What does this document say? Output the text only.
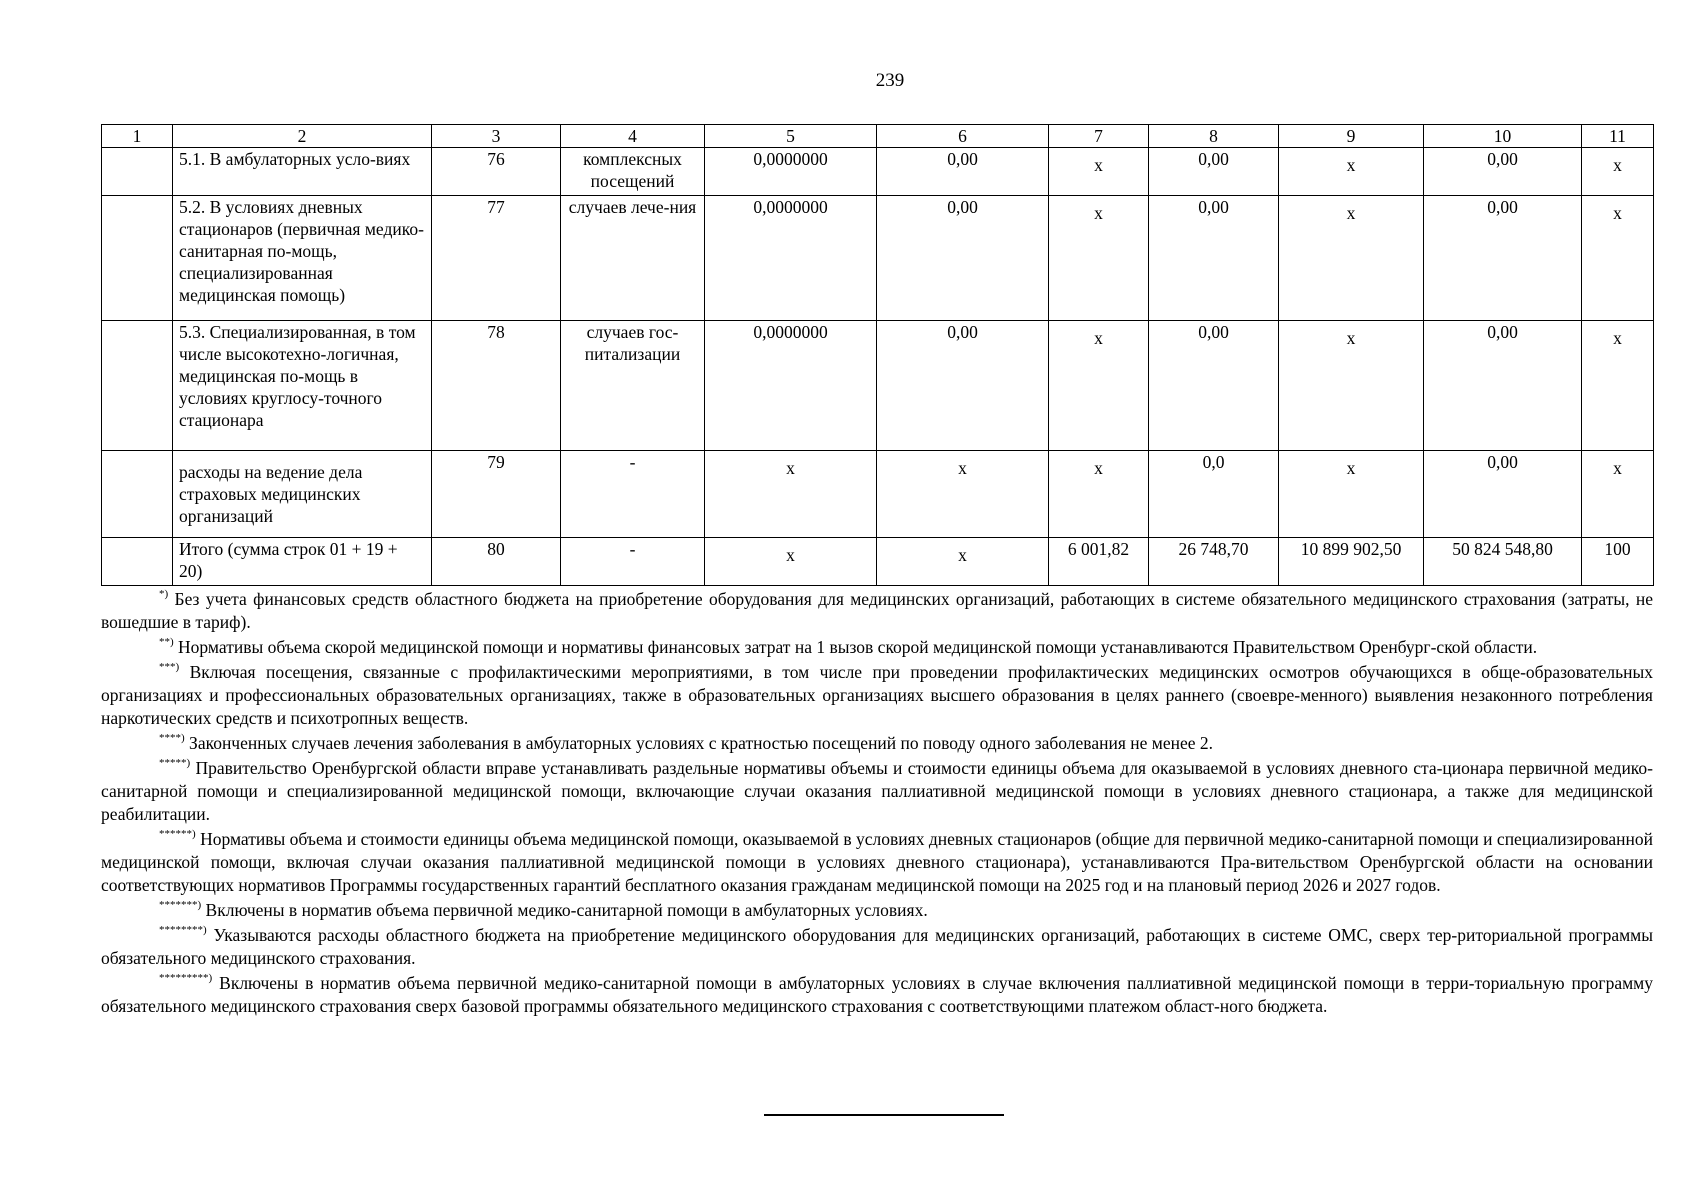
239
1	2	3	4	5	6	7	8	9	10	11
	5.1. В амбулаторных усло-виях	76	комплексных посещений	0,0000000	0,00	х	0,00	х	0,00	х
	5.2. В условиях дневных стационаров (первичная медико-санитарная по-мощь, специализированная медицинская помощь)	77	случаев лече-ния	0,0000000	0,00	х	0,00	х	0,00	х
	5.3. Специализированная, в том числе высокотехно-логичная, медицинская по-мощь в условиях круглосу-точного стационара	78	случаев гос-питализации	0,0000000	0,00	х	0,00	х	0,00	х
	расходы на ведение дела страховых медицинских организаций	79	-	х	х	х	0,0	х	0,00	х
	Итого (сумма строк 01 + 19 + 20)	80	-	х	х	6 001,82	26 748,70	10 899 902,50	50 824 548,80	100

*) Без учета финансовых средств областного бюджета на приобретение оборудования для медицинских организаций, работающих в системе обязательного медицинского страхования (затраты, не вошедшие в тариф).

**) Нормативы объема скорой медицинской помощи и нормативы финансовых затрат на 1 вызов скорой медицинской помощи устанавливаются Правительством Оренбург-ской области.

***) Включая посещения, связанные с профилактическими мероприятиями, в том числе при проведении профилактических медицинских осмотров обучающихся в обще-образовательных организациях и профессиональных образовательных организациях, также в образовательных организациях высшего образования в целях раннего (своевре-менного) выявления незаконного потребления наркотических средств и психотропных веществ.

****) Законченных случаев лечения заболевания в амбулаторных условиях с кратностью посещений по поводу одного заболевания не менее 2.

*****) Правительство Оренбургской области вправе устанавливать раздельные нормативы объемы и стоимости единицы объема для оказываемой в условиях дневного ста-ционара первичной медико-санитарной помощи и специализированной медицинской помощи, включающие случаи оказания паллиативной медицинской помощи в условиях дневного стационара, а также для медицинской реабилитации.

******) Нормативы объема и стоимости единицы объема медицинской помощи, оказываемой в условиях дневных стационаров (общие для первичной медико-санитарной помощи и специализированной медицинской помощи, включая случаи оказания паллиативной медицинской помощи в условиях дневного стационара), устанавливаются Пра-вительством Оренбургской области на основании соответствующих нормативов Программы государственных гарантий бесплатного оказания гражданам медицинской помощи на 2025 год и на плановый период 2026 и 2027 годов.

*******) Включены в норматив объема первичной медико-санитарной помощи в амбулаторных условиях.

********) Указываются расходы областного бюджета на приобретение медицинского оборудования для медицинских организаций, работающих в системе ОМС, сверх тер-риториальной программы обязательного медицинского страхования.

*********) Включены в норматив объема первичной медико-санитарной помощи в амбулаторных условиях в случае включения паллиативной медицинской помощи в терри-ториальную программу обязательного медицинского страхования сверх базовой программы обязательного медицинского страхования с соответствующими платежом област-ного бюджета.
